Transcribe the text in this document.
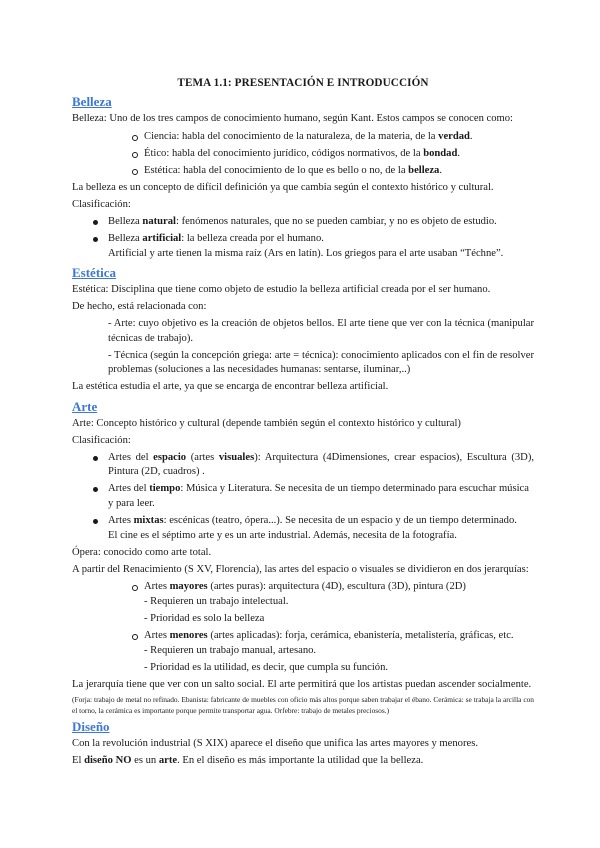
TEMA 1.1: PRESENTACIÓN E INTRODUCCIÓN
Belleza

Belleza: Uno de los tres campos de conocimiento humano, según Kant. Estos campos se conocen como:

Ciencia: habla del conocimiento de la naturaleza, de la materia, de la verdad.
Ético: habla del conocimiento jurídico, códigos normativos, de la bondad.
Estética: habla del conocimiento de lo que es bello o no, de la belleza.

La belleza es un concepto de difícil definición ya que cambia según el contexto histórico y cultural.

Clasificación:

Belleza natural: fenómenos naturales, que no se pueden cambiar, y no es objeto de estudio.
Belleza artificial: la belleza creada por el humano.

Artificial y arte tienen la misma raíz (Ars en latín). Los griegos para el arte usaban “Téchne”.

Estética

Estética: Disciplina que tiene como objeto de estudio la belleza artificial creada por el ser humano.

De hecho, está relacionada con:

- Arte: cuyo objetivo es la creación de objetos bellos. El arte tiene que ver con la técnica (manipular técnicas de trabajo).

- Técnica (según la concepción griega: arte = técnica): conocimiento aplicados con el fin de resolver problemas (soluciones a las necesidades humanas: sentarse, iluminar,..)

La estética estudia el arte, ya que se encarga de encontrar belleza artificial.

Arte

Arte: Concepto histórico y cultural (depende también según el contexto histórico y cultural)

Clasificación:

Artes del espacio (artes visuales): Arquitectura (4Dimensiones, crear espacios), Escultura (3D), Pintura (2D, cuadros) .
Artes del tiempo: Música y Literatura. Se necesita de un tiempo determinado para escuchar música y para leer.
Artes mixtas: escénicas (teatro, ópera...). Se necesita de un espacio y de un tiempo determinado.

El cine es el séptimo arte y es un arte industrial. Además, necesita de la fotografía.

Ópera: conocido como arte total.

A partir del Renacimiento (S XV, Florencia), las artes del espacio o visuales se dividieron en dos jerarquías:

Artes mayores (artes puras): arquitectura (4D), escultura (3D), pintura (2D)

- Requieren un trabajo intelectual.

- Prioridad es solo la belleza

Artes menores (artes aplicadas): forja, cerámica, ebanistería, metalistería, gráficas, etc.

- Requieren un trabajo manual, artesano.

- Prioridad es la utilidad, es decir, que cumpla su función.

La jerarquía tiene que ver con un salto social. El arte permitirá que los artistas puedan ascender socialmente.

(Forja: trabajo de metal no refinado. Ebanista: fabricante de muebles con oficio más altos porque saben trabajar el ébano. Cerámica: se trabaja la arcilla con el torno, la cerámica es importante porque permite transportar agua. Orfebre: trabajo de metales preciosos.)

Diseño

Con la revolución industrial (S XIX) aparece el diseño que unifica las artes mayores y menores.

El diseño NO es un arte. En el diseño es más importante la utilidad que la belleza.
